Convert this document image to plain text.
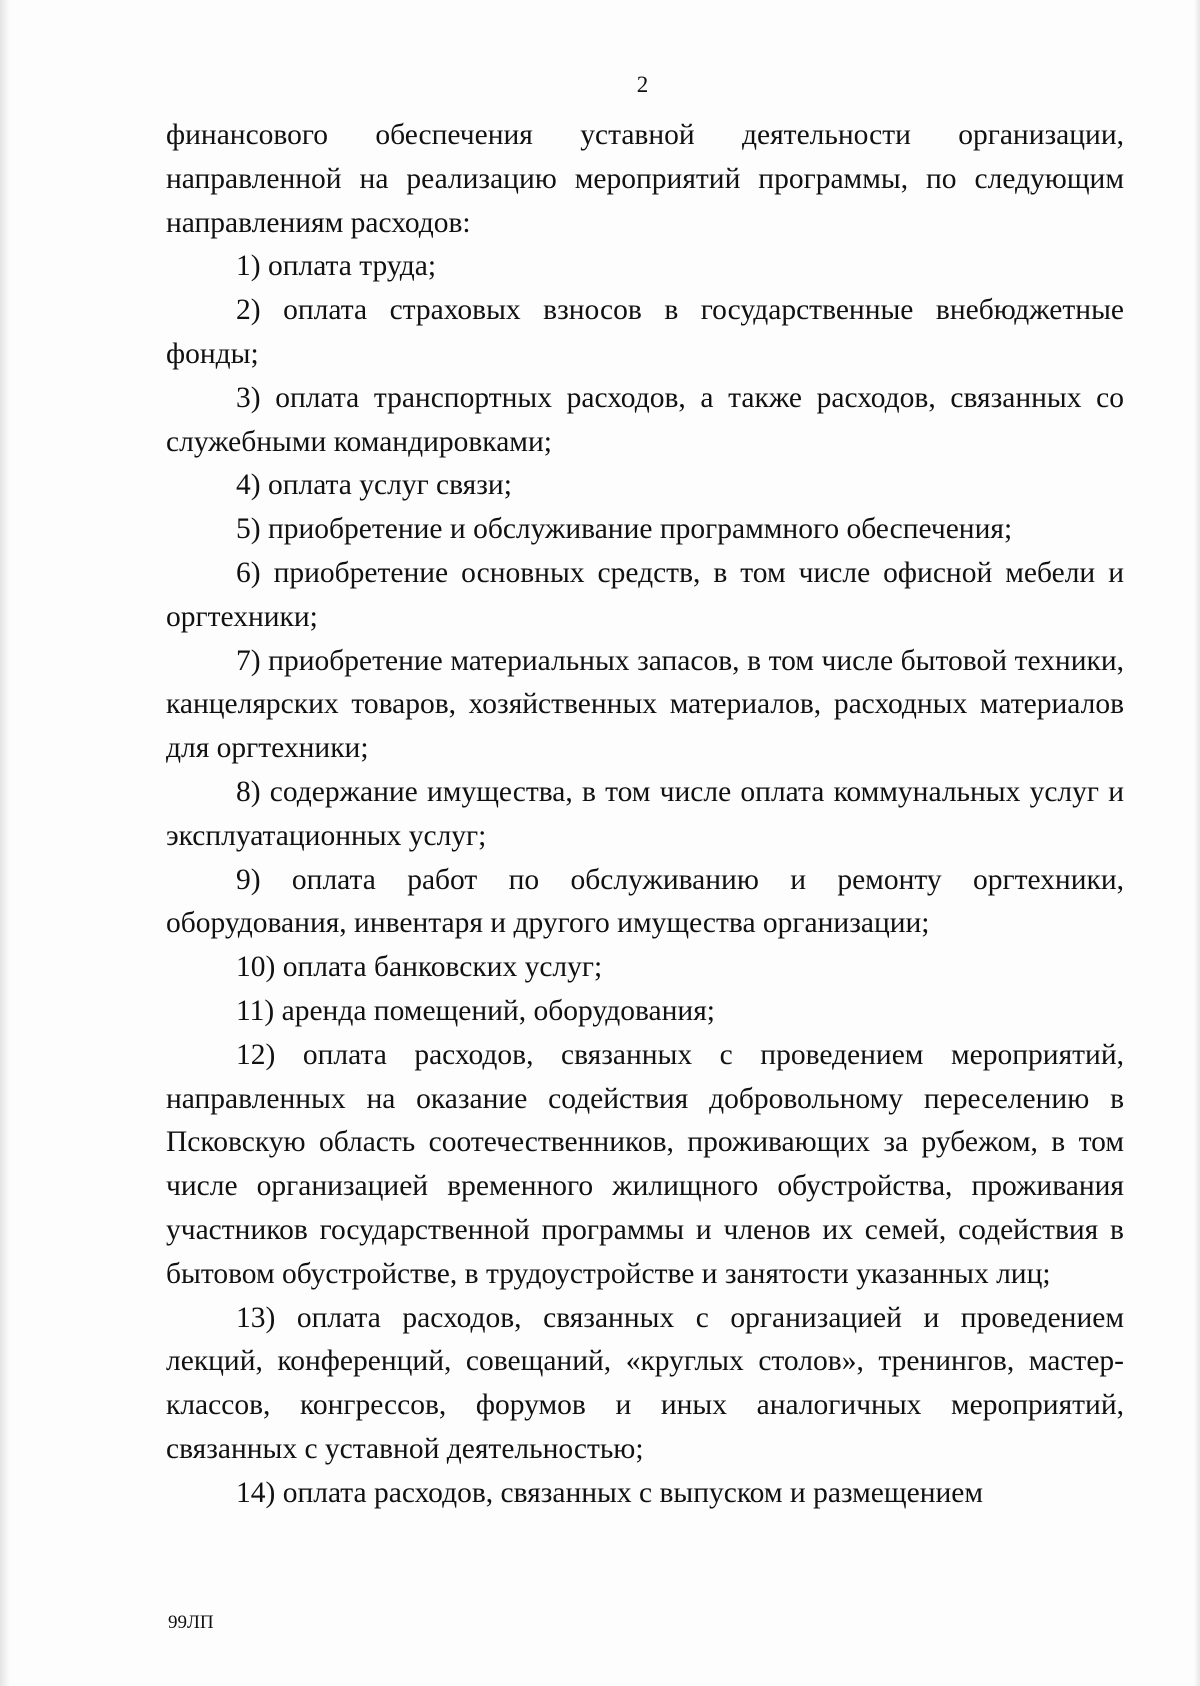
2

финансового обеспечения уставной деятельности организации, направленной на реализацию мероприятий программы, по следующим направлениям расходов:

1) оплата труда;

2) оплата страховых взносов в государственные внебюджетные фонды;

3) оплата транспортных расходов, а также расходов, связанных со служебными командировками;

4) оплата услуг связи;

5) приобретение и обслуживание программного обеспечения;

6) приобретение основных средств, в том числе офисной мебели и оргтехники;

7) приобретение материальных запасов, в том числе бытовой техники, канцелярских товаров, хозяйственных материалов, расходных материалов для оргтехники;

8) содержание имущества, в том числе оплата коммунальных услуг и эксплуатационных услуг;

9) оплата работ по обслуживанию и ремонту оргтехники, оборудования, инвентаря и другого имущества организации;

10) оплата банковских услуг;

11) аренда помещений, оборудования;

12) оплата расходов, связанных с проведением мероприятий, направленных на оказание содействия добровольному переселению в Псковскую область соотечественников, проживающих за рубежом, в том числе организацией временного жилищного обустройства, проживания участников государственной программы и членов их семей, содействия в бытовом обустройстве, в трудоустройстве и занятости указанных лиц;

13) оплата расходов, связанных с организацией и проведением лекций, конференций, совещаний, «круглых столов», тренингов, мастер-классов, конгрессов, форумов и иных аналогичных мероприятий, связанных с уставной деятельностью;

14) оплата расходов, связанных с выпуском и размещением

99ЛП
